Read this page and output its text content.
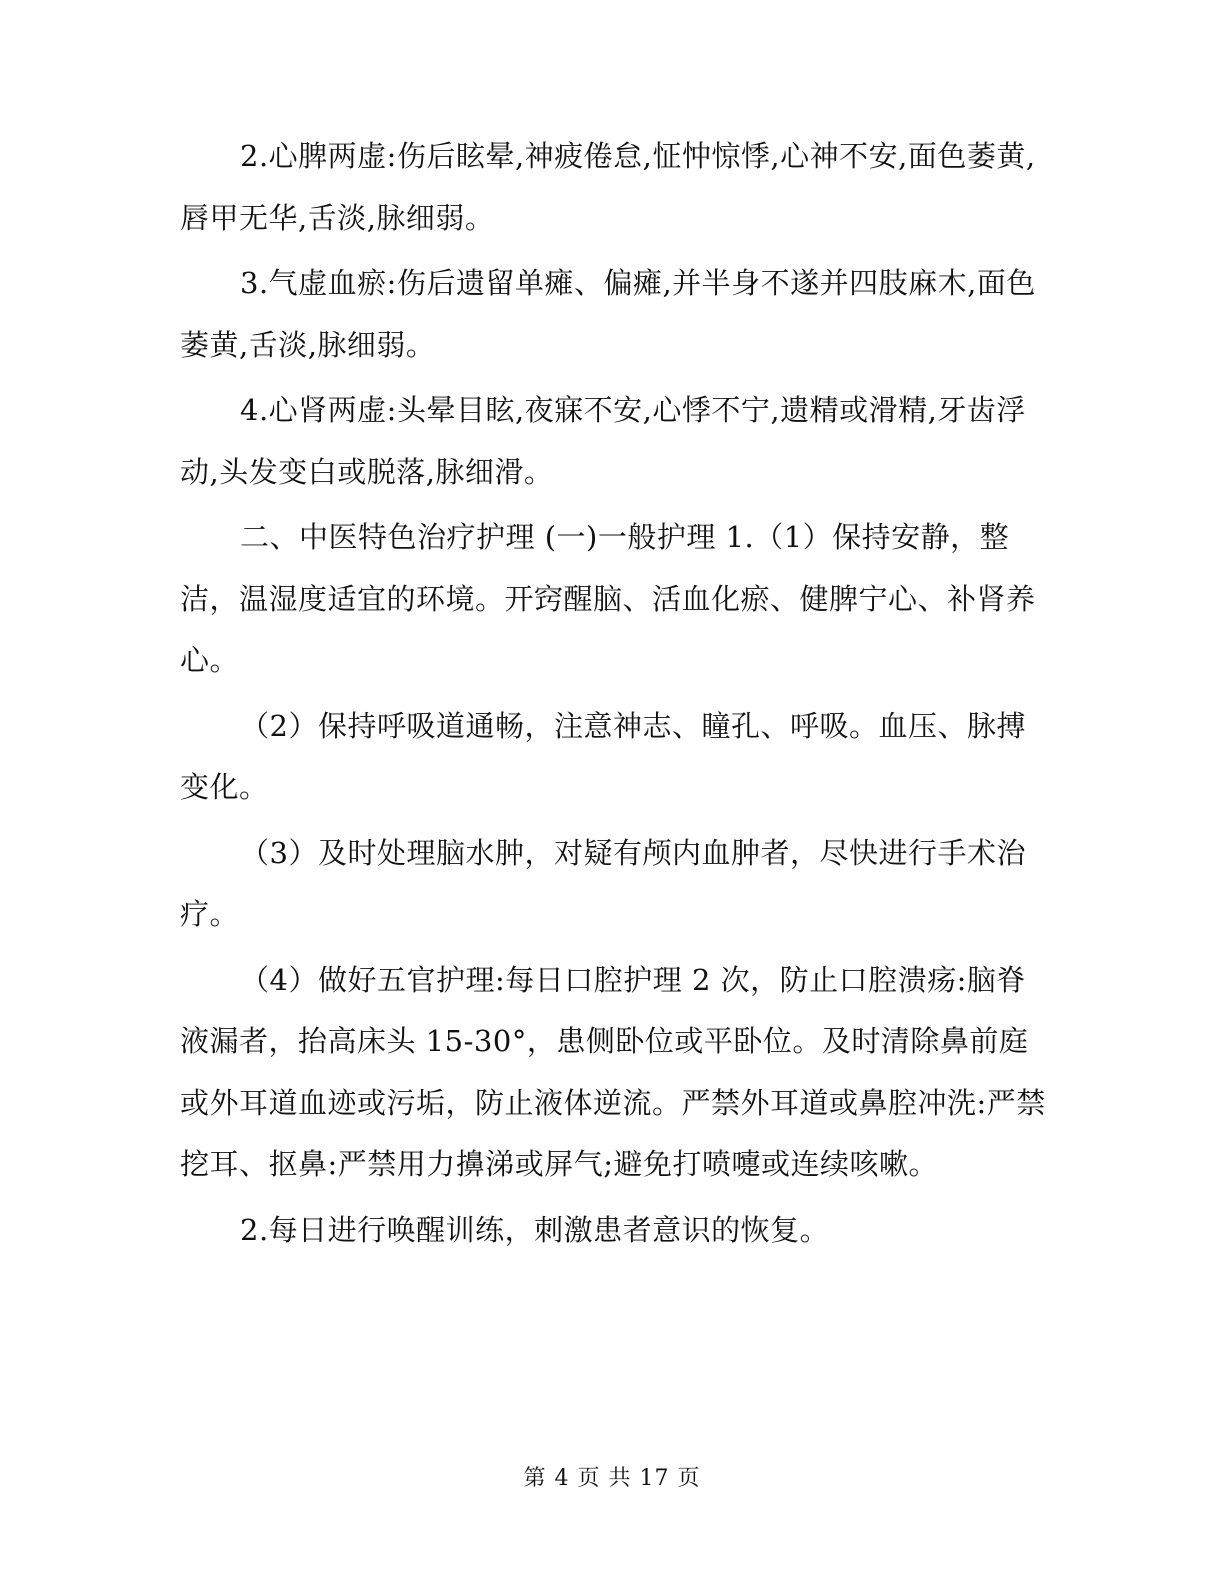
2.心脾两虚:伤后眩晕,神疲倦怠,怔忡惊悸,心神不安,面色萎黄,唇甲无华,舌淡,脉细弱。

3.气虚血瘀:伤后遗留单瘫、偏瘫,并半身不遂并四肢麻木,面色萎黄,舌淡,脉细弱。

4.心肾两虚:头晕目眩,夜寐不安,心悸不宁,遗精或滑精,牙齿浮动,头发变白或脱落,脉细滑。

二、中医特色治疗护理 (一)一般护理 1.（1）保持安静，整洁，温湿度适宜的环境。开窍醒脑、活血化瘀、健脾宁心、补肾养心。

（2）保持呼吸道通畅，注意神志、瞳孔、呼吸。血压、脉搏变化。

（3）及时处理脑水肿，对疑有颅内血肿者，尽快进行手术治疗。

（4）做好五官护理:每日口腔护理 2 次，防止口腔溃疡:脑脊液漏者，抬高床头 15-30°，患侧卧位或平卧位。及时清除鼻前庭或外耳道血迹或污垢，防止液体逆流。严禁外耳道或鼻腔冲洗:严禁挖耳、抠鼻:严禁用力擤涕或屏气;避免打喷嚏或连续咳嗽。

2.每日进行唤醒训练，刺激患者意识的恢复。

第 4 页 共 17 页
